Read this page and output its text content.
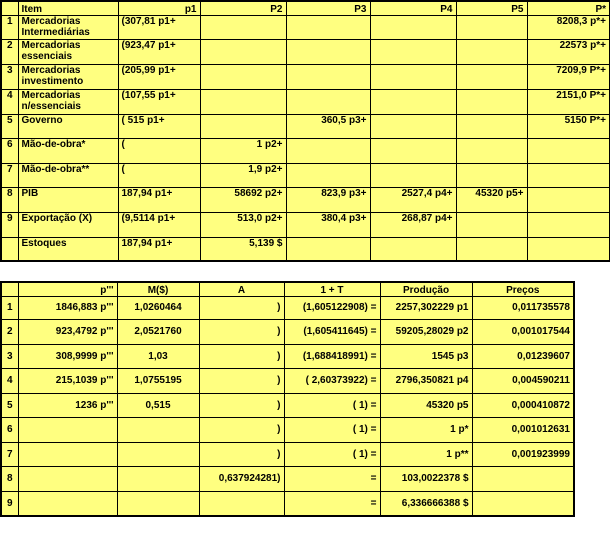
	Item	p1	P2	P3	P4	P5	P*
1	Mercadorias Intermediárias	(307,81 p1+					8208,3 p*+
2	Mercadorias essenciais	(923,47 p1+					22573 p*+
3	Mercadorias investimento	(205,99 p1+					7209,9 P*+
4	Mercadorias n/essenciais	(107,55 p1+					2151,0 P*+
5	Governo	( 515 p1+		360,5 p3+			5150 P*+
6	Mão-de-obra*	(	1 p2+				
7	Mão-de-obra**	(	1,9 p2+				
8	PIB	187,94 p1+	58692 p2+	823,9 p3+	2527,4 p4+	45320 p5+	
9	Exportação (X)	(9,5114 p1+	513,0 p2+	380,4 p3+	268,87 p4+		
	Estoques	187,94 p1+	5,139 $				
	p'''	M($)	A	1 + T	Produção	Preços
1	1846,883 p'''	1,0260464	)	(1,605122908) =	2257,302229 p1	0,011735578
2	923,4792 p'''	2,0521760	)	(1,605411645) =	59205,28029 p2	0,001017544
3	308,9999 p'''	1,03	)	(1,688418991) =	1545 p3	0,01239607
4	215,1039 p'''	1,0755195	)	( 2,60373922) =	2796,350821 p4	0,004590211
5	1236 p'''	0,515	)	( 1) =	45320 p5	0,000410872
6			)	( 1) =	1 p*	0,001012631
7			)	( 1) =	1 p**	0,001923999
8			0,637924281)	=	103,0022378 $	
9				=	6,336666388 $	
